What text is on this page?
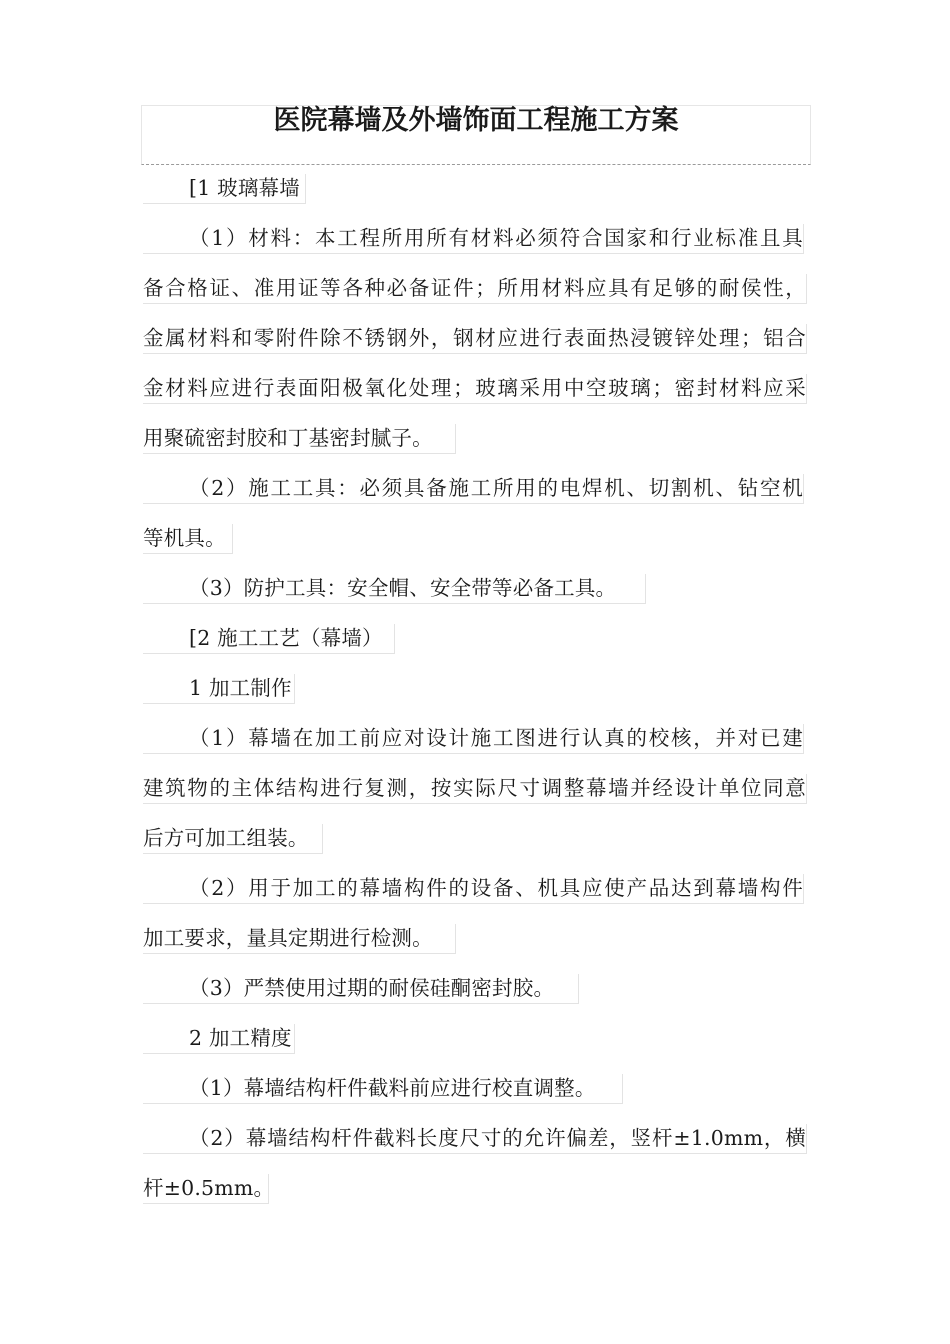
医院幕墙及外墙饰面工程施工方案
[1 玻璃幕墙
（1）材料：本工程所用所有材料必须符合国家和行业标准且具
备合格证、准用证等各种必备证件；所用材料应具有足够的耐侯性，
金属材料和零附件除不锈钢外，钢材应进行表面热浸镀锌处理；铝合
金材料应进行表面阳极氧化处理；玻璃采用中空玻璃；密封材料应采
用聚硫密封胶和丁基密封腻子。
（2）施工工具：必须具备施工所用的电焊机、切割机、钻空机
等机具。
（3）防护工具：安全帽、安全带等必备工具。
[2 施工工艺（幕墙）
1 加工制作
（1）幕墙在加工前应对设计施工图进行认真的校核，并对已建
建筑物的主体结构进行复测，按实际尺寸调整幕墙并经设计单位同意
后方可加工组装。
（2）用于加工的幕墙构件的设备、机具应使产品达到幕墙构件
加工要求，量具定期进行检测。
（3）严禁使用过期的耐侯硅酮密封胶。
2 加工精度
（1）幕墙结构杆件截料前应进行校直调整。
（2）幕墙结构杆件截料长度尺寸的允许偏差，竖杆±1.0mm，横
杆±0.5mm。
